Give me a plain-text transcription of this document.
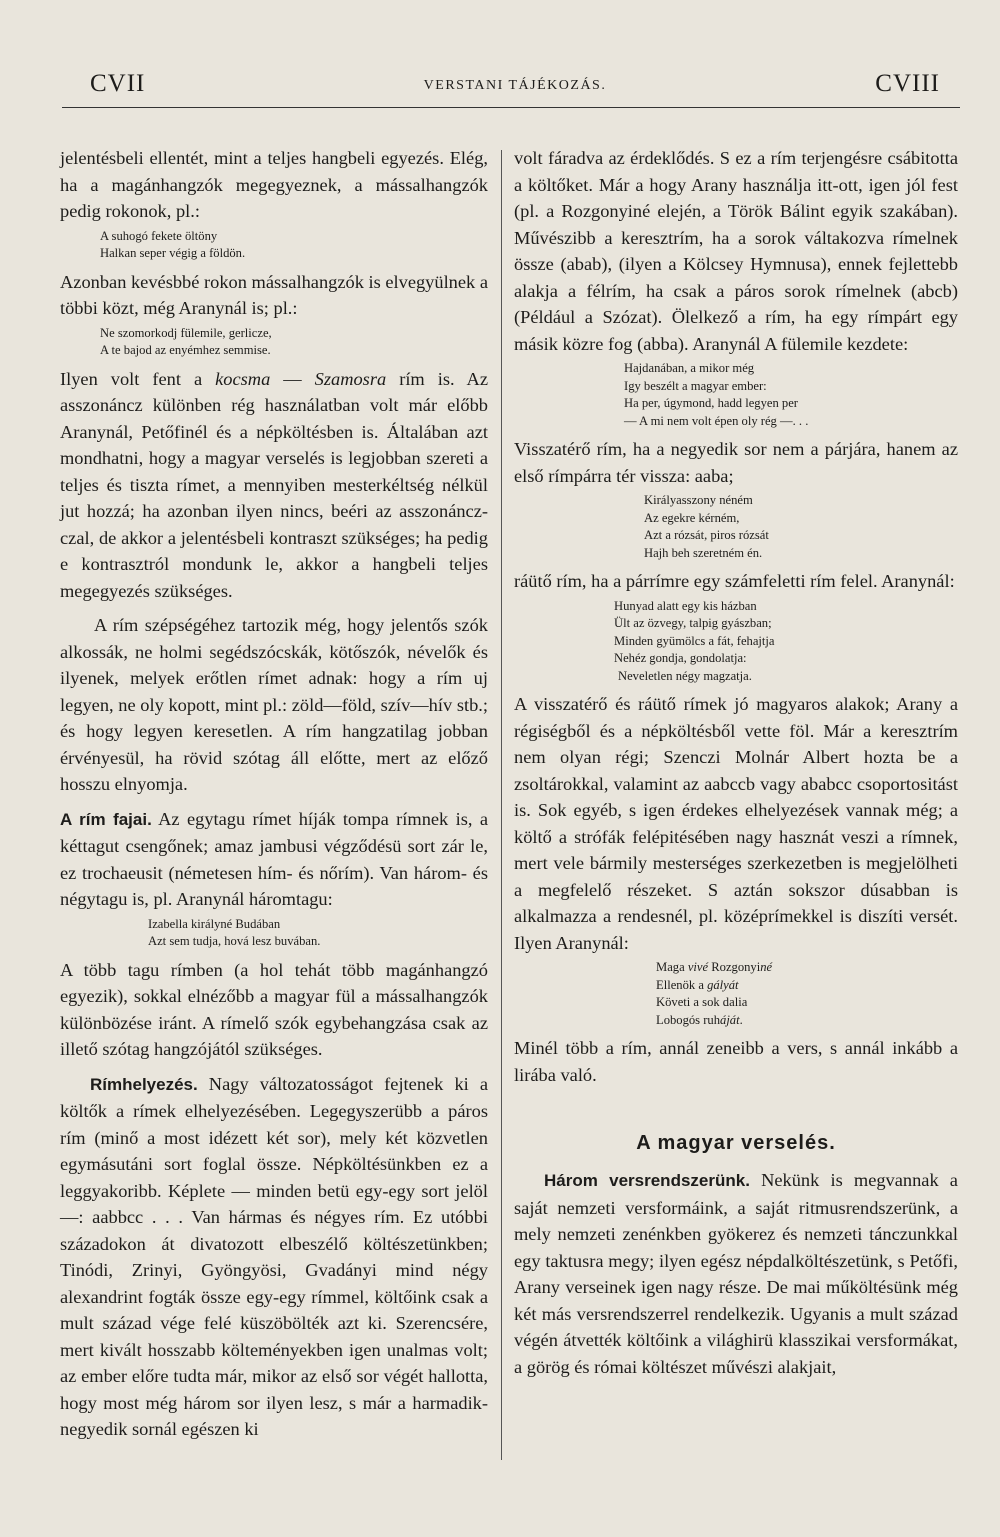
CVII	VERSTANI TÁJÉKOZÁS.	CVIII

jelentésbeli ellentét, mint a teljes hangbeli egyezés. Elég, ha a magánhangzók megegyeznek, a mássalhangzók pedig rokonok, pl.:

A suhogó fekete öltöny
Halkan seper végig a földön.

Azonban kevésbbé rokon mássalhangzók is elvegyülnek a többi közt, még Aranynál is; pl.:

Ne szomorkodj fülemile, gerlicze,
A te bajod az enyémhez semmise.

Ilyen volt fent a kocsma — Szamosra rím is. Az asszonáncz különben rég használatban volt már előbb Aranynál, Petőfinél és a népköltésben is. Általában azt mondhatni, hogy a magyar verselés is legjobban szereti a teljes és tiszta rímet, a mennyiben mesterkéltség nélkül jut hozzá; ha azonban ilyen nincs, beéri az asszonáncz-czal, de akkor a jelentésbeli kontraszt szükséges; ha pedig e kontrasztról mondunk le, akkor a hangbeli teljes megegyezés szükséges.

A rím szépségéhez tartozik még, hogy jelentős szók alkossák, ne holmi segédszócskák, kötőszók, névelők és ilyenek, melyek erőtlen rímet adnak: hogy a rím uj legyen, ne oly kopott, mint pl.: zöld—föld, szív—hív stb.; és hogy legyen keresetlen. A rím hangzatilag jobban érvényesül, ha rövid szótag áll előtte, mert az előző hosszu elnyomja.

A rím fajai. Az egytagu rímet híják tompa rímnek is, a kéttagut csengőnek; amaz jambusi végződésü sort zár le, ez trochaeusit (németesen hím- és nőrím). Van három- és négytagu is, pl. Aranynál háromtagu:

Izabella királyné Budában
Azt sem tudja, hová lesz buvában.

A több tagu rímben (a hol tehát több magánhangzó egyezik), sokkal elnézőbb a magyar fül a mássalhangzók különbözése iránt. A rímelő szók egybehangzása csak az illető szótag hangzójától szükséges.

Rímhelyezés. Nagy változatosságot fejtenek ki a költők a rímek elhelyezésében. Legegyszerübb a páros rím (minő a most idézett két sor), mely két közvetlen egymásutáni sort foglal össze. Népköltésünkben ez a leggyakoribb. Képlete — minden betü egy-egy sort jelöl —: aabbcc . . . Van hármas és négyes rím. Ez utóbbi századokon át divatozott elbeszélő költészetünkben; Tinódi, Zrinyi, Gyöngyösi, Gvadányi mind négy alexandrint fogták össze egy-egy rímmel, költőink csak a mult század vége felé küszöbölték azt ki. Szerencsére, mert kivált hosszabb költeményekben igen unalmas volt; az ember előre tudta már, mikor az első sor végét hallotta, hogy most még három sor ilyen lesz, s már a harmadik-negyedik sornál egészen ki

volt fáradva az érdeklődés. S ez a rím terjengésre csábitotta a költőket. Már a hogy Arany használja itt-ott, igen jól fest (pl. a Rozgonyiné elején, a Török Bálint egyik szakában). Művészibb a keresztrím, ha a sorok váltakozva rímelnek össze (abab), (ilyen a Kölcsey Hymnusa), ennek fejlettebb alakja a félrím, ha csak a páros sorok rímelnek (abcb) (Például a Szózat). Ölelkező a rím, ha egy rímpárt egy másik közre fog (abba). Aranynál A fülemile kezdete:

Hajdanában, a mikor még
Igy beszélt a magyar ember:
Ha per, úgymond, hadd legyen per
— A mi nem volt épen oly rég —. . .

Visszatérő rím, ha a negyedik sor nem a párjára, hanem az első rímpárra tér vissza: aaba;

Királyasszony néném
Az egekre kérném,
Azt a rózsát, piros rózsát
Hajh beh szeretném én.

ráütő rím, ha a párrímre egy számfeletti rím felel. Aranynál:

Hunyad alatt egy kis házban
Ült az özvegy, talpig gyászban;
Minden gyümölcs a fát, fehajtja
Nehéz gondja, gondolatja:
Neveletlen négy magzatja.

A visszatérő és ráütő rímek jó magyaros alakok; Arany a régiségből és a népköltésből vette föl. Már a keresztrím nem olyan régi; Szenczi Molnár Albert hozta be a zsoltárokkal, valamint az aabccb vagy ababcc csoportositást is. Sok egyéb, s igen érdekes elhelyezések vannak még; a költő a strófák felépitésében nagy hasznát veszi a rímnek, mert vele bármily mesterséges szerkezetben is megjelölheti a megfelelő részeket. S aztán sokszor dúsabban is alkalmazza a rendesnél, pl. középrímekkel is diszíti versét. Ilyen Aranynál:

Maga vivé Rozgonyiné
Ellenök a gályát
Követi a sok dalia
Lobogós ruháját.

Minél több a rím, annál zeneibb a vers, s annál inkább a lirába való.

A magyar verselés.

Három versrendszerünk. Nekünk is megvannak a saját nemzeti versformáink, a saját ritmusrendszerünk, a mely nemzeti zenénkben gyökerez és nemzeti tánczunkkal egy taktusra megy; ilyen egész népdalköltészetünk, s Petőfi, Arany verseinek igen nagy része. De mai műköltésünk még két más versrendszerrel rendelkezik. Ugyanis a mult század végén átvették költőink a világhirü klasszikai versformákat, a görög és római költészet művészi alakjait,
